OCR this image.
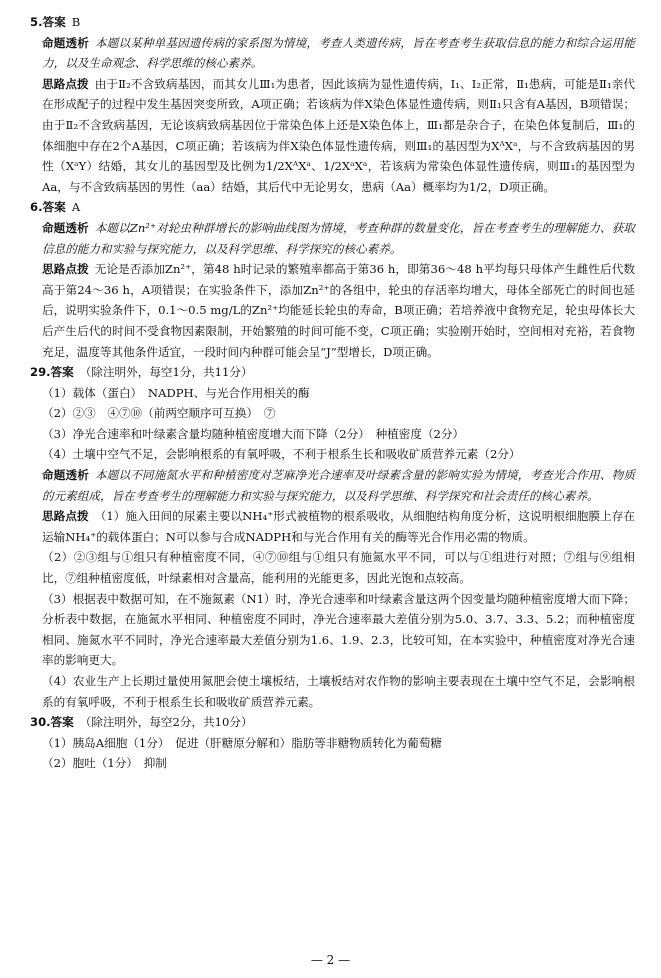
5.答案 B

命题透析 本题以某种单基因遗传病的家系图为情境，考查人类遗传病，旨在考查考生获取信息的能力和综合运用能力，以及生命观念、科学思维的核心素养。

思路点拨 由于Ⅱ₂不含致病基因，而其女儿Ⅲ₁为患者，因此该病为显性遗传病，Ⅰ₁、Ⅰ₂正常，Ⅱ₁患病，可能是Ⅱ₁亲代在形成配子的过程中发生基因突变所致，A项正确；若该病为伴X染色体显性遗传病，则Ⅱ₁只含有A基因，B项错误；由于Ⅱ₂不含致病基因，无论该病致病基因位于常染色体上还是X染色体上，Ⅲ₁都是杂合子，在染色体复制后，Ⅲ₁的体细胞中存在2个A基因，C项正确；若该病为伴X染色体显性遗传病，则Ⅲ₁的基因型为XᴬXᵃ，与不含致病基因的男性（XᵃY）结婚，其女儿的基因型及比例为1/2XᴬXᵃ、1/2XᵃXᵃ，若该病为常染色体显性遗传病，则Ⅲ₁的基因型为Aa，与不含致病基因的男性（aa）结婚，其后代中无论男女，患病（Aa）概率均为1/2，D项正确。

6.答案 A

命题透析 本题以Zn²⁺对轮虫种群增长的影响曲线图为情境，考查种群的数量变化，旨在考查考生的理解能力、获取信息的能力和实验与探究能力，以及科学思维、科学探究的核心素养。

思路点拨 无论是否添加Zn²⁺，第48 h时记录的繁殖率都高于第36 h，即第36～48 h平均每只母体产生雌性后代数高于第24～36 h，A项错误；在实验条件下，添加Zn²⁺的各组中，轮虫的存活率均增大，母体全部死亡的时间也延后，说明实验条件下，0.1～0.5 mg/L的Zn²⁺均能延长轮虫的寿命，B项正确；若培养液中食物充足，轮虫母体长大后产生后代的时间不受食物因素限制，开始繁殖的时间可能不变，C项正确；实验刚开始时，空间相对充裕，若食物充足，温度等其他条件适宜，一段时间内种群可能会呈“J”型增长，D项正确。

29.答案 （除注明外，每空1分，共11分）

（1）载体（蛋白）　NADPH、与光合作用相关的酶

（2）②③　④⑦⑩（前两空顺序可互换）　⑦

（3）净光合速率和叶绿素含量均随种植密度增大而下降（2分）　种植密度（2分）

（4）土壤中空气不足，会影响根系的有氧呼吸，不利于根系生长和吸收矿质营养元素（2分）

命题透析 本题以不同施氮水平和种植密度对芝麻净光合速率及叶绿素含量的影响实验为情境，考查光合作用、物质的元素组成，旨在考查考生的理解能力和实验与探究能力，以及科学思维、科学探究和社会责任的核心素养。

思路点拨 （1）施入田间的尿素主要以NH₄⁺形式被植物的根系吸收，从细胞结构角度分析，这说明根细胞膜上存在运输NH₄⁺的载体蛋白；N可以参与合成NADPH和与光合作用有关的酶等光合作用必需的物质。

（2）②③组与①组只有种植密度不同，④⑦⑩组与①组只有施氮水平不同，可以与①组进行对照；⑦组与⑨组相比，⑦组种植密度低，叶绿素相对含量高，能利用的光能更多，因此光饱和点较高。

（3）根据表中数据可知，在不施氮素（N1）时，净光合速率和叶绿素含量这两个因变量均随种植密度增大而下降；分析表中数据，在施氮水平相同、种植密度不同时，净光合速率最大差值分别为5.0、3.7、3.3、5.2；而种植密度相同、施氮水平不同时，净光合速率最大差值分别为1.6、1.9、2.3，比较可知，在本实验中，种植密度对净光合速率的影响更大。

（4）农业生产上长期过量使用氮肥会使土壤板结，土壤板结对农作物的影响主要表现在土壤中空气不足，会影响根系的有氧呼吸，不利于根系生长和吸收矿质营养元素。

30.答案 （除注明外，每空2分，共10分）

（1）胰岛A细胞（1分）　促进（肝糖原分解和）脂肪等非糖物质转化为葡萄糖

（2）胞吐（1分）　抑制

— 2 —
